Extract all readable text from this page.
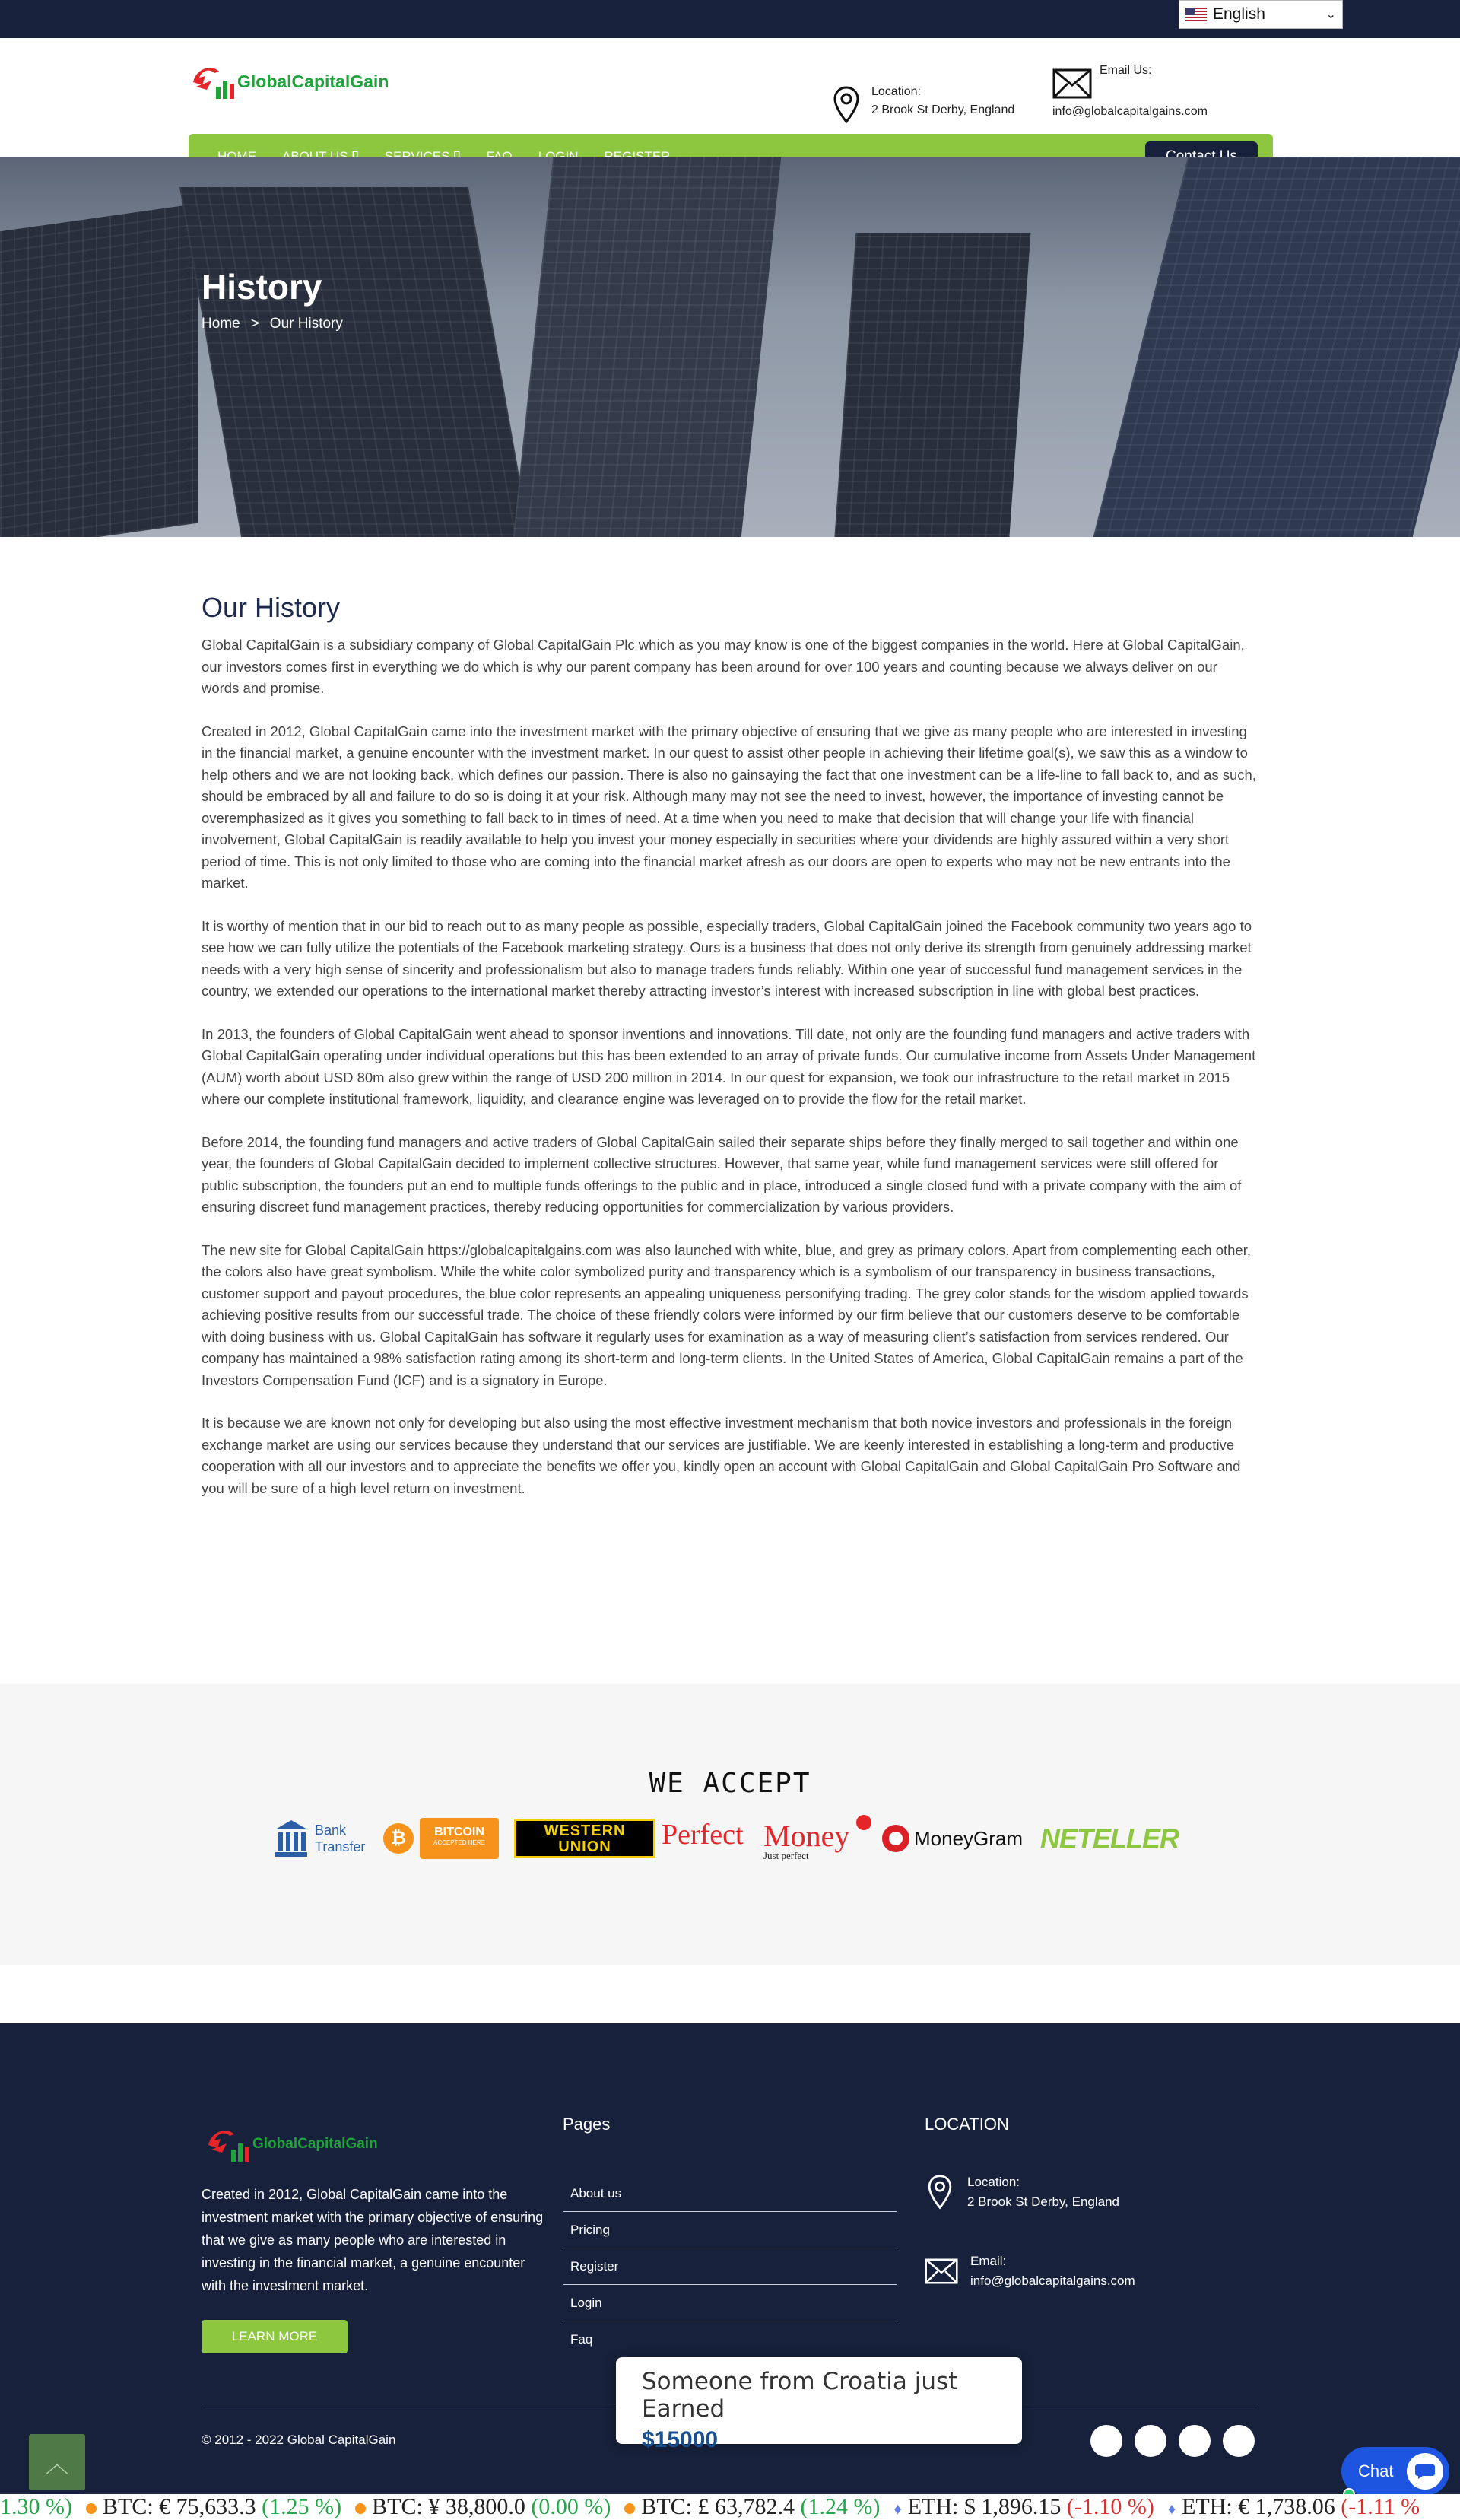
English	⌄
GlobalCapitalGain
Location:
2 Brook St Derby, England
Email Us:
info@globalcapitalgains.com
History
Home > Our History
Our History

Global CapitalGain is a subsidiary company of Global CapitalGain Plc which as you may know is one of the biggest companies in the world. Here at Global CapitalGain, our investors comes first in everything we do which is why our parent company has been around for over 100 years and counting because we always deliver on our words and promise.

Created in 2012, Global CapitalGain came into the investment market with the primary objective of ensuring that we give as many people who are interested in investing in the financial market, a genuine encounter with the investment market. In our quest to assist other people in achieving their lifetime goal(s), we saw this as a window to help others and we are not looking back, which defines our passion. There is also no gainsaying the fact that one investment can be a life-line to fall back to, and as such, should be embraced by all and failure to do so is doing it at your risk. Although many may not see the need to invest, however, the importance of investing cannot be overemphasized as it gives you something to fall back to in times of need. At a time when you need to make that decision that will change your life with financial involvement, Global CapitalGain is readily available to help you invest your money especially in securities where your dividends are highly assured within a very short period of time. This is not only limited to those who are coming into the financial market afresh as our doors are open to experts who may not be new entrants into the market.

It is worthy of mention that in our bid to reach out to as many people as possible, especially traders, Global CapitalGain joined the Facebook community two years ago to see how we can fully utilize the potentials of the Facebook marketing strategy. Ours is a business that does not only derive its strength from genuinely addressing market needs with a very high sense of sincerity and professionalism but also to manage traders funds reliably. Within one year of successful fund management services in the country, we extended our operations to the international market thereby attracting investor’s interest with increased subscription in line with global best practices.

In 2013, the founders of Global CapitalGain went ahead to sponsor inventions and innovations. Till date, not only are the founding fund managers and active traders with Global CapitalGain operating under individual operations but this has been extended to an array of private funds. Our cumulative income from Assets Under Management (AUM) worth about USD 80m also grew within the range of USD 200 million in 2014. In our quest for expansion, we took our infrastructure to the retail market in 2015 where our complete institutional framework, liquidity, and clearance engine was leveraged on to provide the flow for the retail market.

Before 2014, the founding fund managers and active traders of Global CapitalGain sailed their separate ships before they finally merged to sail together and within one year, the founders of Global CapitalGain decided to implement collective structures. However, that same year, while fund management services were still offered for public subscription, the founders put an end to multiple funds offerings to the public and in place, introduced a single closed fund with a private company with the aim of ensuring discreet fund management practices, thereby reducing opportunities for commercialization by various providers.

The new site for Global CapitalGain https://globalcapitalgains.com was also launched with white, blue, and grey as primary colors. Apart from complementing each other, the colors also have great symbolism. While the white color symbolized purity and transparency which is a symbolism of our transparency in business transactions, customer support and payout procedures, the blue color represents an appealing uniqueness personifying trading. The grey color stands for the wisdom applied towards achieving positive results from our successful trade. The choice of these friendly colors were informed by our firm believe that our customers deserve to be comfortable with doing business with us. Global CapitalGain has software it regularly uses for examination as a way of measuring client’s satisfaction from services rendered. Our company has maintained a 98% satisfaction rating among its short-term and long-term clients. In the United States of America, Global CapitalGain remains a part of the Investors Compensation Fund (ICF) and is a signatory in Europe.

It is because we are known not only for developing but also using the most effective investment mechanism that both novice investors and professionals in the foreign exchange market are using our services because they understand that our services are justifiable. We are keenly interested in establishing a long-term and productive cooperation with all our investors and to appreciate the benefits we offer you, kindly open an account with Global CapitalGain and Global CapitalGain Pro Software and you will be sure of a high level return on investment.

WE ACCEPT
Bank
Transfer	₿	BITCOIN
ACCEPTED HERE
WESTERN
UNION	Perfect Money
Just perfect
MoneyGram NETELLER
GlobalCapitalGain
Created in 2012, Global CapitalGain came into the investment market with the primary objective of ensuring that we give as many people who are interested in investing in the financial market, a genuine encounter with the investment market.
LEARN MORE
Pages
About us
Pricing
Register
Login
Faq
LOCATION
Location:
2 Brook St Derby, England
Email:
info@globalcapitalgains.com
© 2012 - 2022 Global CapitalGain
Someone from Croatia just Earned
$15000
︿	Chat
1.30 %) BTC: € 75,633.3 (1.25 %) BTC: ¥ 38,800.0 (0.00 %) BTC: £ 63,782.4 (1.24 %) ♦ ETH: $ 1,896.15 (-1.10 %) ♦ ETH: € 1,738.06 (-1.11 %
